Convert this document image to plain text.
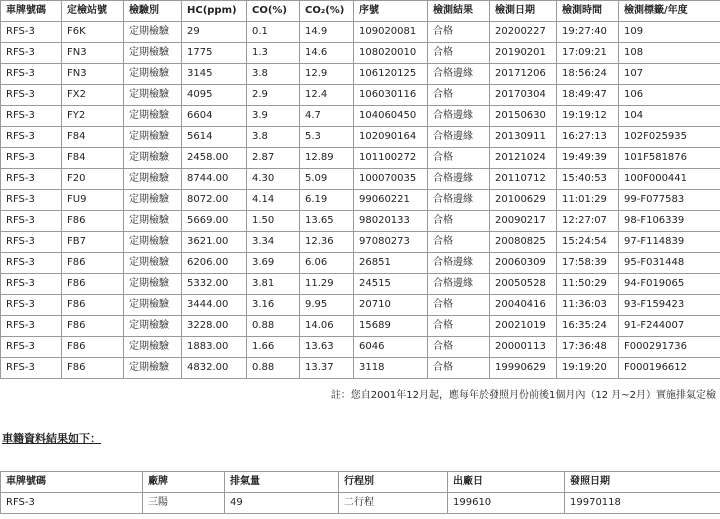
車牌號碼	定檢站號	檢驗別	HC(ppm)	CO(%)	CO₂(%)	序號	檢測結果	檢測日期	檢測時間	檢測標籤/年度
RFS-3	F6K	定期檢驗	29	0.1	14.9	109020081	合格	20200227	19:27:40	109
RFS-3	FN3	定期檢驗	1775	1.3	14.6	108020010	合格	20190201	17:09:21	108
RFS-3	FN3	定期檢驗	3145	3.8	12.9	106120125	合格邊緣	20171206	18:56:24	107
RFS-3	FX2	定期檢驗	4095	2.9	12.4	106030116	合格	20170304	18:49:47	106
RFS-3	FY2	定期檢驗	6604	3.9	4.7	104060450	合格邊緣	20150630	19:19:12	104
RFS-3	F84	定期檢驗	5614	3.8	5.3	102090164	合格邊緣	20130911	16:27:13	102F025935
RFS-3	F84	定期檢驗	2458.00	2.87	12.89	101100272	合格	20121024	19:49:39	101F581876
RFS-3	F20	定期檢驗	8744.00	4.30	5.09	100070035	合格邊緣	20110712	15:40:53	100F000441
RFS-3	FU9	定期檢驗	8072.00	4.14	6.19	99060221	合格邊緣	20100629	11:01:29	99-F077583
RFS-3	F86	定期檢驗	5669.00	1.50	13.65	98020133	合格	20090217	12:27:07	98-F106339
RFS-3	FB7	定期檢驗	3621.00	3.34	12.36	97080273	合格	20080825	15:24:54	97-F114839
RFS-3	F86	定期檢驗	6206.00	3.69	6.06	26851	合格邊緣	20060309	17:58:39	95-F031448
RFS-3	F86	定期檢驗	5332.00	3.81	11.29	24515	合格邊緣	20050528	11:50:29	94-F019065
RFS-3	F86	定期檢驗	3444.00	3.16	9.95	20710	合格	20040416	11:36:03	93-F159423
RFS-3	F86	定期檢驗	3228.00	0.88	14.06	15689	合格	20021019	16:35:24	91-F244007
RFS-3	F86	定期檢驗	1883.00	1.66	13.63	6046	合格	20000113	17:36:48	F000291736
RFS-3	F86	定期檢驗	4832.00	0.88	13.37	3118	合格	19990629	19:19:20	F000196612
註：您自2001年12月起，應每年於發照月份前後1個月內（12 月~2月）實施排氣定檢
車籍資料結果如下：
車牌號碼	廠牌	排氣量	行程別	出廠日	發照日期
RFS-3	三陽	49	二行程	199610	19970118
